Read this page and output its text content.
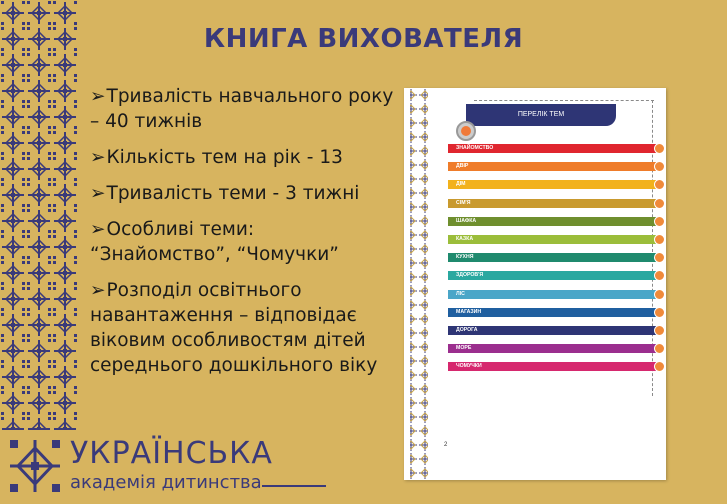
КНИГА ВИХОВАТЕЛЯ
➢Тривалість навчального року – 40 тижнів
➢Кількість тем на рік - 13
➢Тривалість теми - 3 тижні
➢Особливі теми: “Знайомство”, “Чомучки”
➢Розподіл освітнього навантаження – відповідає віковим особливостям дітей середнього дошкільного віку
ПЕРЕЛІК ТЕМ
ЗНАЙОМСТВО
ДВІР
ДІМ
СІМ'Я
ШАФКА
КАЗКА
КУХНЯ
ЗДОРОВ'Я
ЛІС
МАГАЗИН
ДОРОГА
МОРЕ
ЧОМУЧКИ
2
УКРАЇНСЬКА
академія дитинства
